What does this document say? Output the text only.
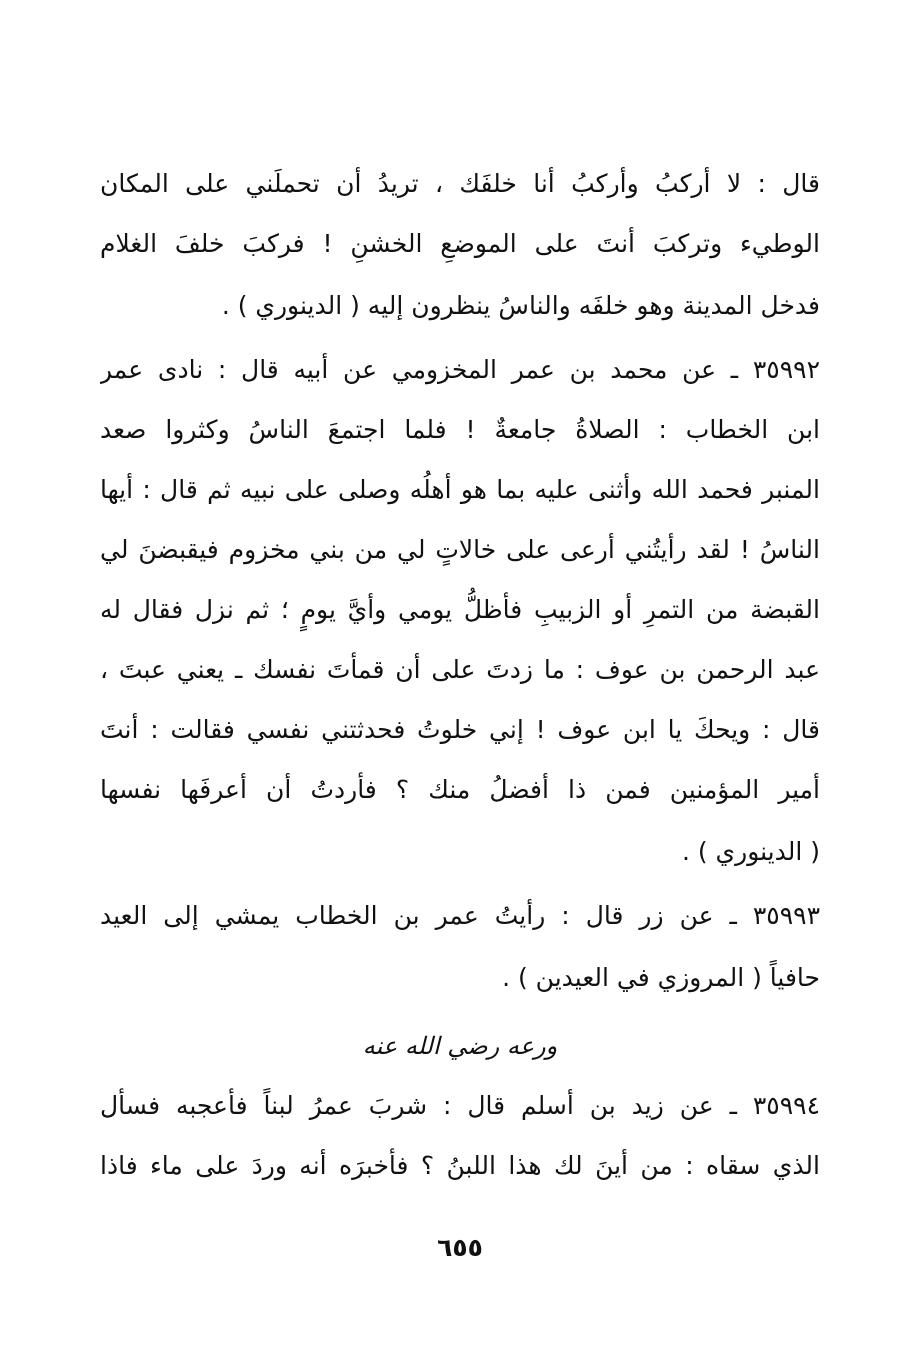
قال : لا أركبُ وأركبُ أنا خلفَك ، تريدُ أن تحملَني على المكان
الوطيء وتركبَ أنتَ على الموضعِ الخشنِ ! فركبَ خلفَ الغلام
فدخل المدينة وهو خلفَه والناسُ ينظرون إليه ( الدينوري ) .
٣٥٩٩٢ ـ عن محمد بن عمر المخزومي عن أبيه قال : نادى عمر
ابن الخطاب : الصلاةُ جامعةٌ ! فلما اجتمعَ الناسُ وكثروا صعد
المنبر فحمد الله وأثنى عليه بما هو أهلُه وصلى على نبيه ثم قال : أيها
الناسُ ! لقد رأيتُني أرعى على خالاتٍ لي من بني مخزوم فيقبضنَ لي
القبضة من التمرِ أو الزبيبِ فأظلُّ يومي وأيَّ يومٍ ؛ ثم نزل فقال له
عبد الرحمن بن عوف : ما زدتَ على أن قمأتَ نفسك ـ يعني عبتَ ،
قال : ويحكَ يا ابن عوف ! إني خلوتُ فحدثتني نفسي فقالت : أنتَ
أمير المؤمنين فمن ذا أفضلُ منك ؟ فأردتُ أن أعرفَها نفسها
( الدينوري ) .
٣٥٩٩٣ ـ عن زر قال : رأيتُ عمر بن الخطاب يمشي إلى العيد
حافياً ( المروزي في العيدين ) .
ورعه رضي الله عنه
٣٥٩٩٤ ـ عن زيد بن أسلم قال : شربَ عمرُ لبناً فأعجبه فسأل
الذي سقاه : من أينَ لك هذا اللبنُ ؟ فأخبرَه أنه وردَ على ماء فاذا
٦٥٥
